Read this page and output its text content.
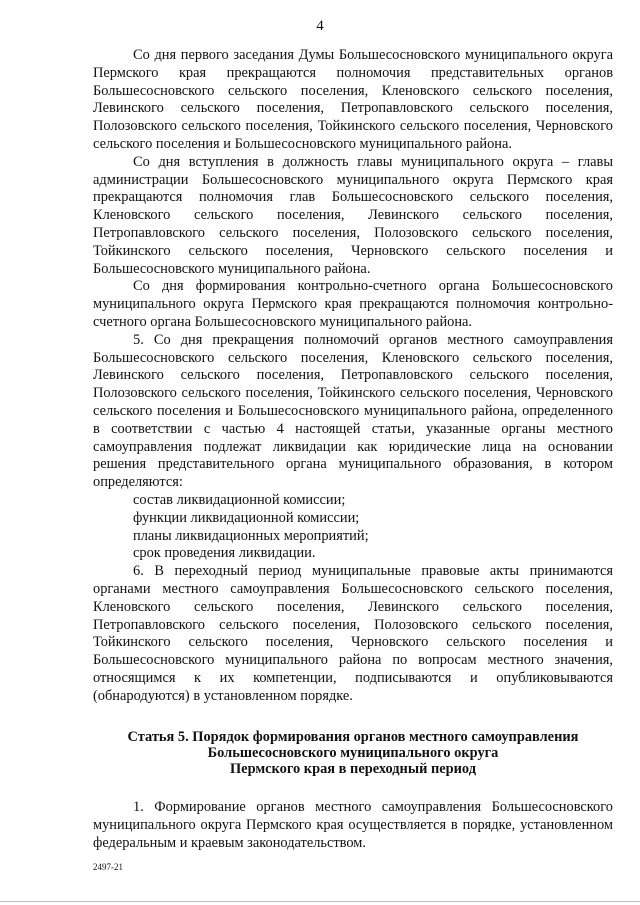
4

Со дня первого заседания Думы Большесосновского муниципального округа Пермского края прекращаются полномочия представительных органов Большесосновского сельского поселения, Кленовского сельского поселения, Левинского сельского поселения, Петропавловского сельского поселения, Полозовского сельского поселения, Тойкинского сельского поселения, Черновского сельского поселения и Большесосновского муниципального района.

Со дня вступления в должность главы муниципального округа – главы администрации Большесосновского муниципального округа Пермского края прекращаются полномочия глав Большесосновского сельского поселения, Кленовского сельского поселения, Левинского сельского поселения, Петропавловского сельского поселения, Полозовского сельского поселения, Тойкинского сельского поселения, Черновского сельского поселения и Большесосновского муниципального района.

Со дня формирования контрольно-счетного органа Большесосновского муниципального округа Пермского края прекращаются полномочия контрольно-счетного органа Большесосновского муниципального района.

5. Со дня прекращения полномочий органов местного самоуправления Большесосновского сельского поселения, Кленовского сельского поселения, Левинского сельского поселения, Петропавловского сельского поселения, Полозовского сельского поселения, Тойкинского сельского поселения, Черновского сельского поселения и Большесосновского муниципального района, определенного в соответствии с частью 4 настоящей статьи, указанные органы местного самоуправления подлежат ликвидации как юридические лица на основании решения представительного органа муниципального образования, в котором определяются:

состав ликвидационной комиссии;

функции ликвидационной комиссии;

планы ликвидационных мероприятий;

срок проведения ликвидации.

6. В переходный период муниципальные правовые акты принимаются органами местного самоуправления Большесосновского сельского поселения, Кленовского сельского поселения, Левинского сельского поселения, Петропавловского сельского поселения, Полозовского сельского поселения, Тойкинского сельского поселения, Черновского сельского поселения и Большесосновского муниципального района по вопросам местного значения, относящимся к их компетенции, подписываются и опубликовываются (обнародуются) в установленном порядке.

Статья 5. Порядок формирования органов местного самоуправления
Большесосновского муниципального округа
Пермского края в переходный период

1. Формирование органов местного самоуправления Большесосновского муниципального округа Пермского края осуществляется в порядке, установленном федеральным и краевым законодательством.

2497-21
